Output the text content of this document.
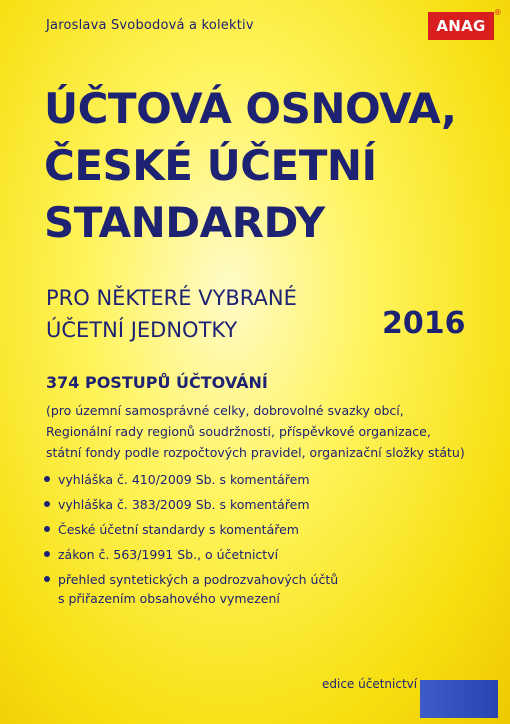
Jaroslava Svobodová a kolektiv	ANAG
®
ÚČTOVÁ OSNOVA,
ČESKÉ ÚČETNÍ
STANDARDY
PRO NĚKTERÉ VYBRANÉ
ÚČETNÍ JEDNOTKY	2016
374 POSTUPŮ ÚČTOVÁNÍ
(pro územní samosprávné celky, dobrovolné svazky obcí,
Regionální rady regionů soudržnosti, příspěvkové organizace,
státní fondy podle rozpočtových pravidel, organizační složky státu)
vyhláška č. 410/2009 Sb. s komentářem
vyhláška č. 383/2009 Sb. s komentářem
České účetní standardy s komentářem
zákon č. 563/1991 Sb., o účetnictví
přehled syntetických a podrozvahových účtů
s přiřazením obsahového vymezení
edice účetnictví
